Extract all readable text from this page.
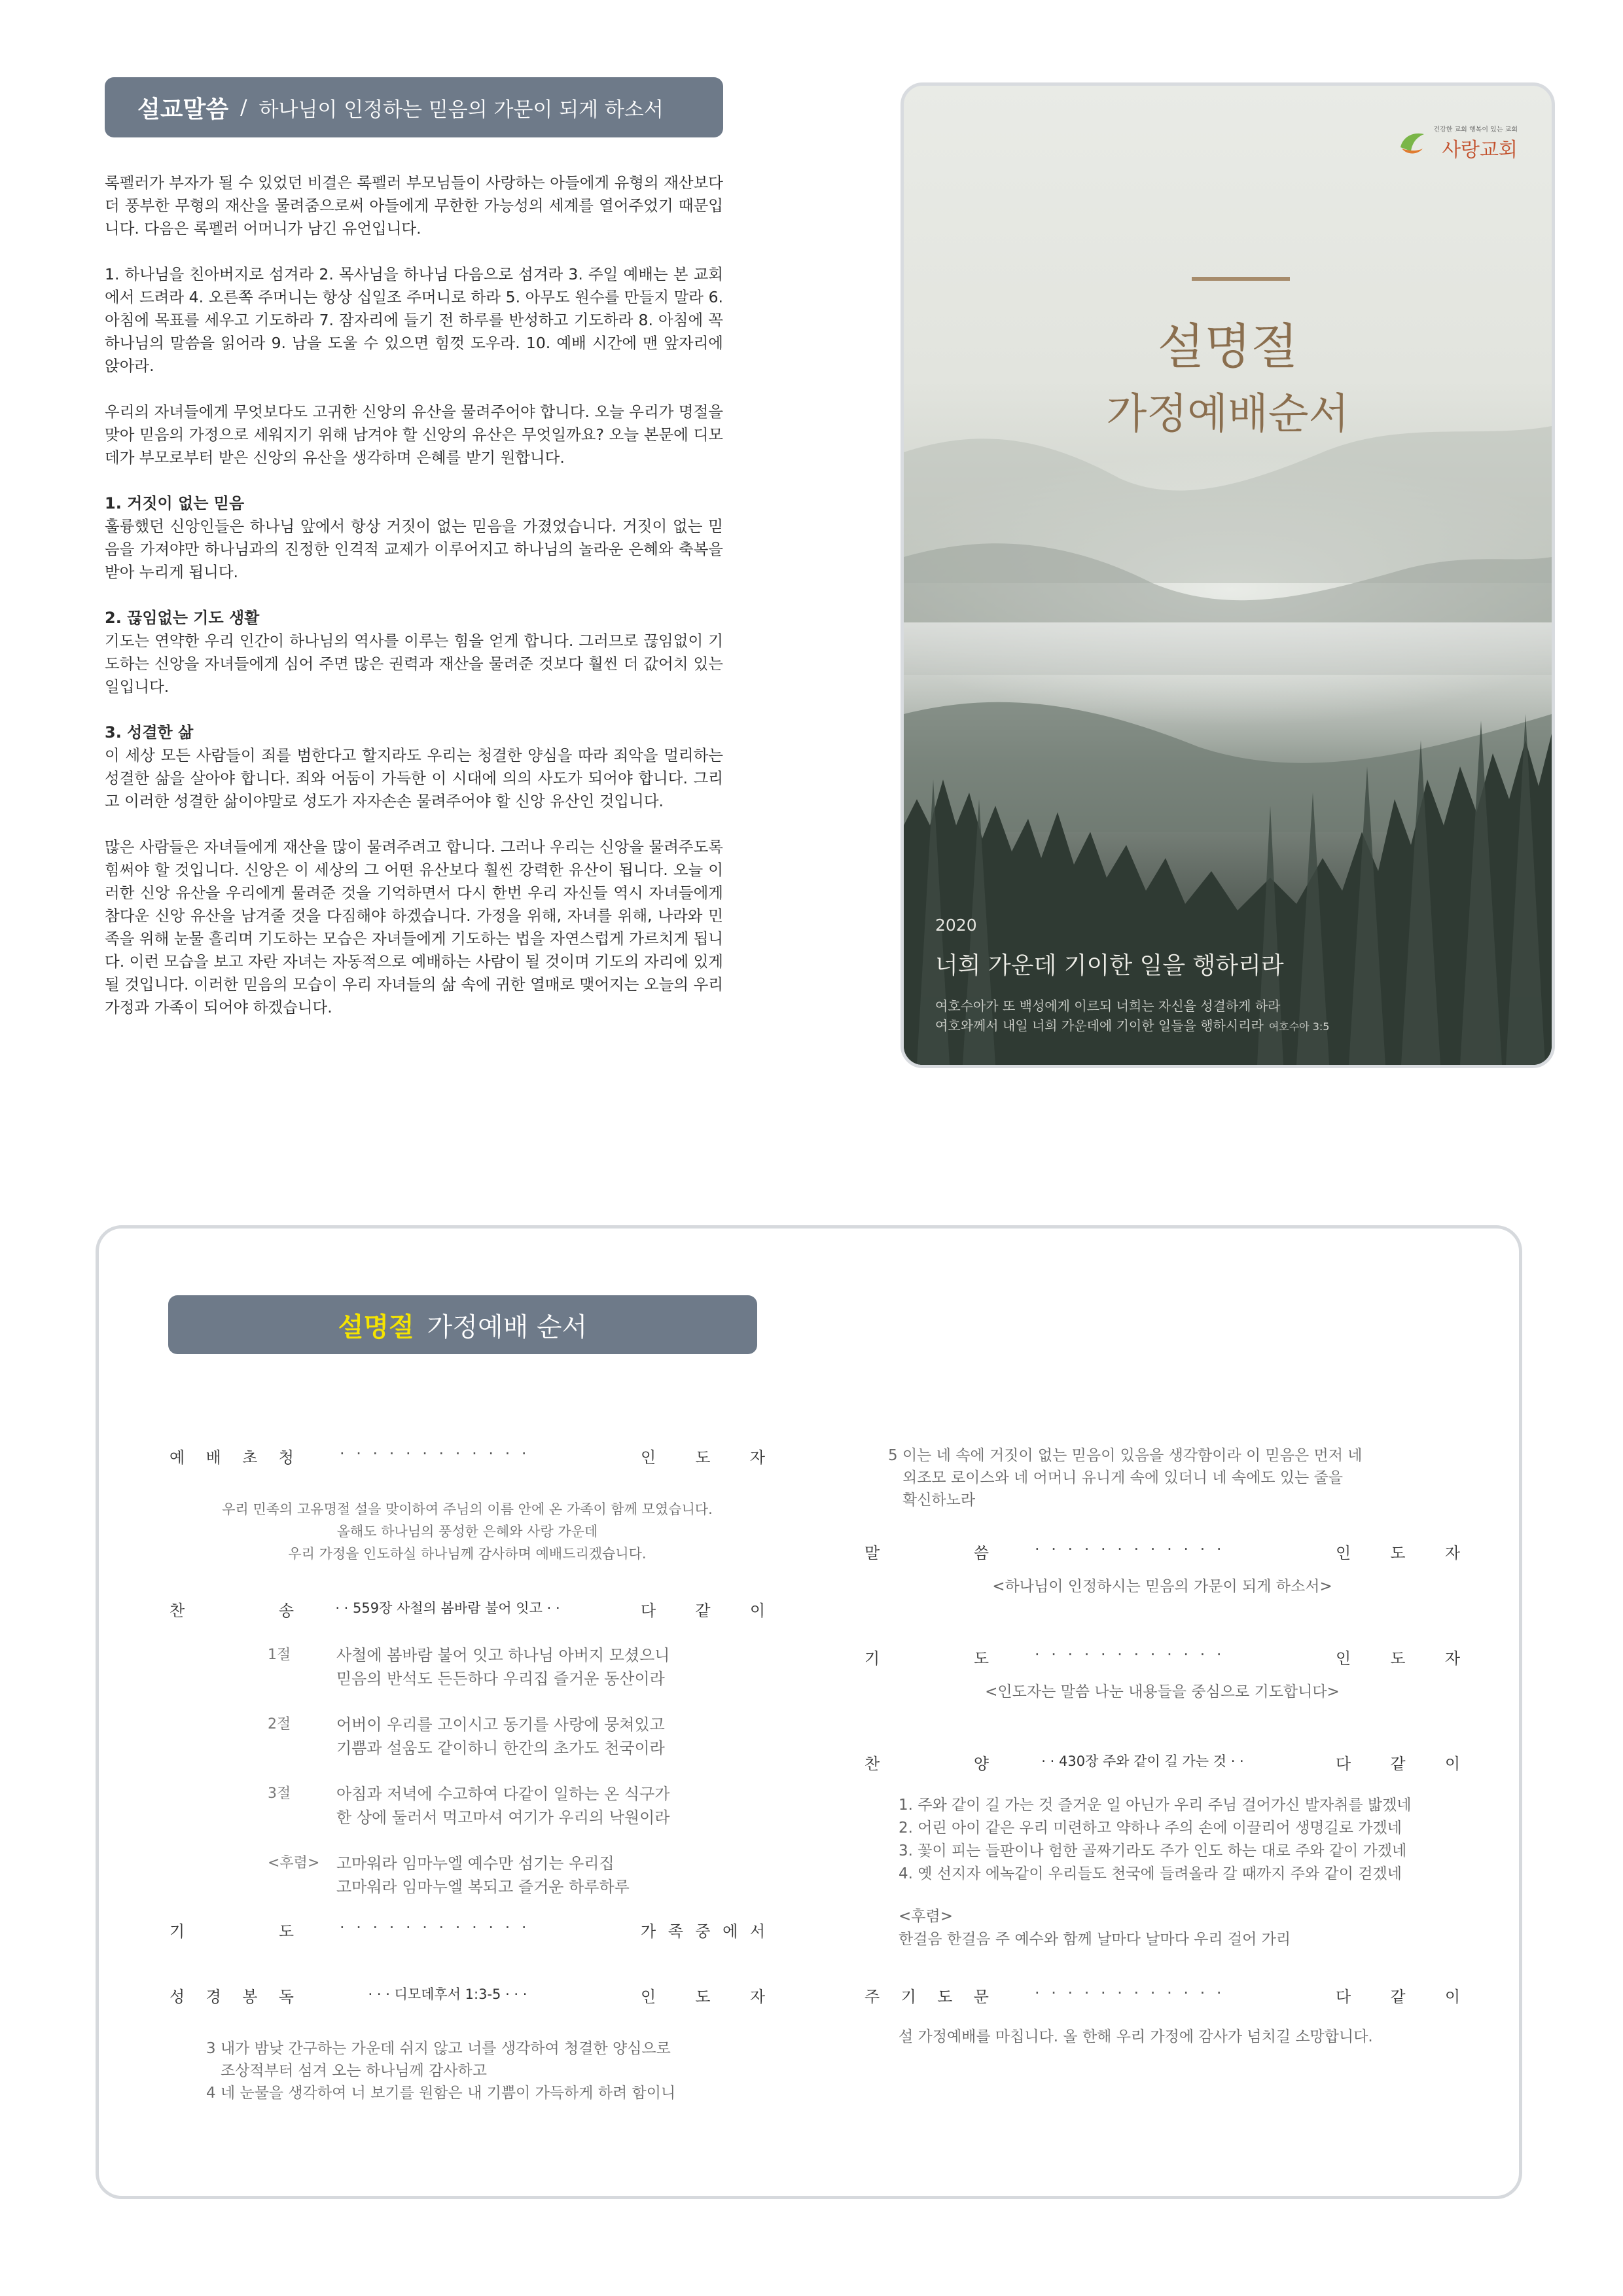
설교말씀 / 하나님이 인정하는 믿음의 가문이 되게 하소서

록펠러가 부자가 될 수 있었던 비결은 록펠러 부모님들이 사랑하는 아들에게 유형의 재산보다 더 풍부한 무형의 재산을 물려줌으로써 아들에게 무한한 가능성의 세계를 열어주었기 때문입니다. 다음은 록펠러 어머니가 남긴 유언입니다.

1. 하나님을 친아버지로 섬겨라 2. 목사님을 하나님 다음으로 섬겨라 3. 주일 예배는 본 교회에서 드려라 4. 오른쪽 주머니는 항상 십일조 주머니로 하라 5. 아무도 원수를 만들지 말라 6. 아침에 목표를 세우고 기도하라 7. 잠자리에 들기 전 하루를 반성하고 기도하라 8. 아침에 꼭 하나님의 말씀을 읽어라 9. 남을 도울 수 있으면 힘껏 도우라. 10. 예배 시간에 맨 앞자리에 앉아라.

우리의 자녀들에게 무엇보다도 고귀한 신앙의 유산을 물려주어야 합니다. 오늘 우리가 명절을 맞아 믿음의 가정으로 세워지기 위해 남겨야 할 신앙의 유산은 무엇일까요? 오늘 본문에 디모데가 부모로부터 받은 신앙의 유산을 생각하며 은혜를 받기 원합니다.

1. 거짓이 없는 믿음

훌륭했던 신앙인들은 하나님 앞에서 항상 거짓이 없는 믿음을 가졌었습니다. 거짓이 없는 믿음을 가져야만 하나님과의 진정한 인격적 교제가 이루어지고 하나님의 놀라운 은혜와 축복을 받아 누리게 됩니다.

2. 끊임없는 기도 생활

기도는 연약한 우리 인간이 하나님의 역사를 이루는 힘을 얻게 합니다. 그러므로 끊임없이 기도하는 신앙을 자녀들에게 심어 주면 많은 권력과 재산을 물려준 것보다 훨씬 더 값어치 있는 일입니다.

3. 성결한 삶

이 세상 모든 사람들이 죄를 범한다고 할지라도 우리는 청결한 양심을 따라 죄악을 멀리하는 성결한 삶을 살아야 합니다. 죄와 어둠이 가득한 이 시대에 의의 사도가 되어야 합니다. 그리고 이러한 성결한 삶이야말로 성도가 자자손손 물려주어야 할 신앙 유산인 것입니다.

많은 사람들은 자녀들에게 재산을 많이 물려주려고 합니다. 그러나 우리는 신앙을 물려주도록 힘써야 할 것입니다. 신앙은 이 세상의 그 어떤 유산보다 훨씬 강력한 유산이 됩니다. 오늘 이러한 신앙 유산을 우리에게 물려준 것을 기억하면서 다시 한번 우리 자신들 역시 자녀들에게 참다운 신앙 유산을 남겨줄 것을 다짐해야 하겠습니다. 가정을 위해, 자녀를 위해, 나라와 민족을 위해 눈물 흘리며 기도하는 모습은 자녀들에게 기도하는 법을 자연스럽게 가르치게 됩니다. 이런 모습을 보고 자란 자녀는 자동적으로 예배하는 사람이 될 것이며 기도의 자리에 있게 될 것입니다. 이러한 믿음의 모습이 우리 자녀들의 삶 속에 귀한 열매로 맺어지는 오늘의 우리 가정과 가족이 되어야 하겠습니다.

건강한 교회 행복이 있는 교회
사랑교회
설명절
가정예배순서
2020
너희 가운데 기이한 일을 행하리라
여호수아가 또 백성에게 이르되 너희는 자신을 성결하게 하라
여호와께서 내일 너희 가운데에 기이한 일들을 행하시리라 여호수아 3:5
설명절 가정예배 순서
예 배 초 청	· · · · · · · · · · · ·	인	도	자
우리 민족의 고유명절 설을 맞이하여 주님의 이름 안에 온 가족이 함께 모였습니다.
올해도 하나님의 풍성한 은혜와 사랑 가운데
우리 가정을 인도하실 하나님께 감사하며 예배드리겠습니다.
찬	송	· · 559장 사철의 봄바람 불어 잇고 · ·	다	같	이
1절	사철에 봄바람 불어 잇고 하나님 아버지 모셨으니
믿음의 반석도 든든하다 우리집 즐거운 동산이라
2절	어버이 우리를 고이시고 동기를 사랑에 뭉쳐있고
기쁨과 설움도 같이하니 한간의 초가도 천국이라
3절	아침과 저녁에 수고하여 다같이 일하는 온 식구가
한 상에 둘러서 먹고마셔 여기가 우리의 낙원이라
<후렴>	고마워라 임마누엘 예수만 섬기는 우리집
고마워라 임마누엘 복되고 즐거운 하루하루
기	도	· · · · · · · · · · · ·	가 족 중 에 서
성 경 봉 독	· · · 디모데후서 1:3-5 · · ·	인	도	자
3 내가 밤낮 간구하는 가운데 쉬지 않고 너를 생각하여 청결한 양심으로
조상적부터 섬겨 오는 하나님께 감사하고
4 네 눈물을 생각하여 너 보기를 원함은 내 기쁨이 가득하게 하려 함이니
5 이는 네 속에 거짓이 없는 믿음이 있음을 생각함이라 이 믿음은 먼저 네
외조모 로이스와 네 어머니 유니게 속에 있더니 네 속에도 있는 줄을
확신하노라
말	씀	· · · · · · · · · · · ·	인	도	자
<하나님이 인정하시는 믿음의 가문이 되게 하소서>
기	도	· · · · · · · · · · · ·	인	도	자
<인도자는 말씀 나눈 내용들을 중심으로 기도합니다>
찬	양	· · 430장 주와 같이 길 가는 것 · ·	다	같	이
1. 주와 같이 길 가는 것 즐거운 일 아닌가 우리 주님 걸어가신 발자취를 밟겠네
2. 어린 아이 같은 우리 미련하고 약하나 주의 손에 이끌리어 생명길로 가겠네
3. 꽃이 피는 들판이나 험한 골짜기라도 주가 인도 하는 대로 주와 같이 가겠네
4. 옛 선지자 에녹같이 우리들도 천국에 들려올라 갈 때까지 주와 같이 걷겠네
<후렴>
한걸음 한걸음 주 예수와 함께 날마다 날마다 우리 걸어 가리
주 기 도 문	· · · · · · · · · · · ·	다	같	이
설 가정예배를 마칩니다. 올 한해 우리 가정에 감사가 넘치길 소망합니다.
